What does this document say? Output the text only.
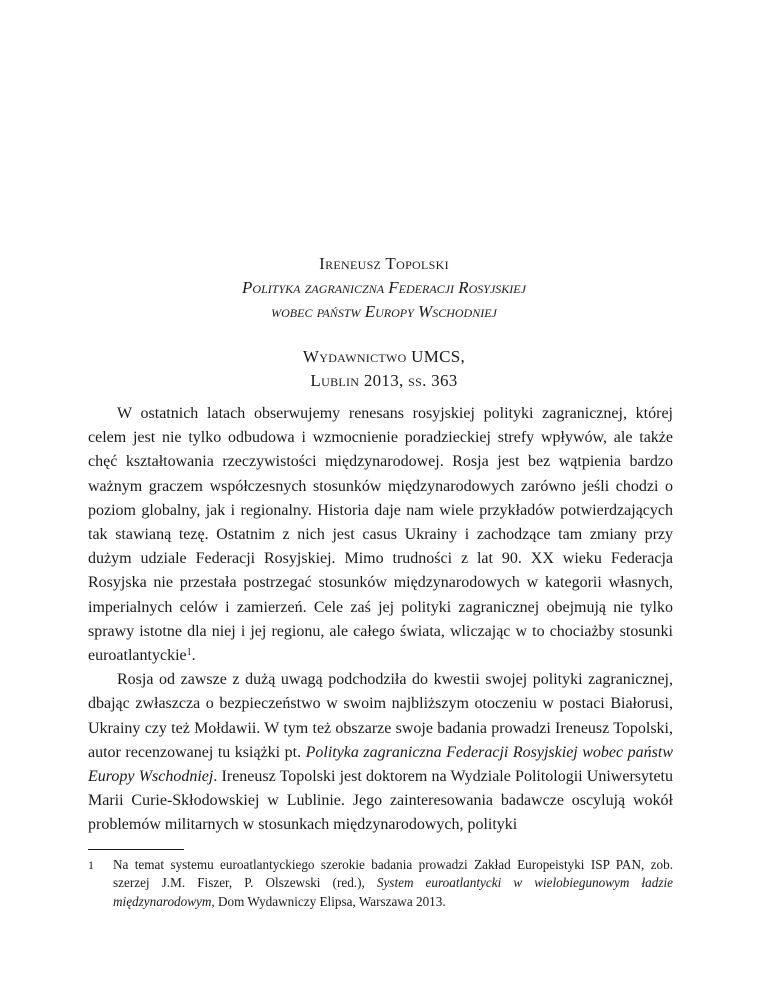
Ireneusz Topolski
Polityka zagraniczna Federacji Rosyjskiej
wobec państw Europy Wschodniej
Wydawnictwo UMCS,
Lublin 2013, ss. 363

W ostatnich latach obserwujemy renesans rosyjskiej polityki zagranicznej, której celem jest nie tylko odbudowa i wzmocnienie poradzieckiej strefy wpływów, ale także chęć kształtowania rzeczywistości międzynarodowej. Rosja jest bez wątpienia bardzo ważnym graczem współczesnych stosunków międzynarodowych zarówno jeśli chodzi o poziom globalny, jak i regionalny. Historia daje nam wiele przykładów potwierdzających tak stawianą tezę. Ostatnim z nich jest casus Ukrainy i zachodzące tam zmiany przy dużym udziale Federacji Rosyjskiej. Mimo trudności z lat 90. XX wieku Federacja Rosyjska nie przestała postrzegać stosunków międzynarodowych w kategorii własnych, imperialnych celów i zamierzeń. Cele zaś jej polityki zagranicznej obejmują nie tylko sprawy istotne dla niej i jej regionu, ale całego świata, wliczając w to chociażby stosunki euroatlantyckie$^1$.

Rosja od zawsze z dużą uwagą podchodziła do kwestii swojej polityki zagranicznej, dbając zwłaszcza o bezpieczeństwo w swoim najbliższym otoczeniu w postaci Białorusi, Ukrainy czy też Mołdawii. W tym też obszarze swoje badania prowadzi Ireneusz Topolski, autor recenzowanej tu książki pt. Polityka zagraniczna Federacji Rosyjskiej wobec państw Europy Wschodniej. Ireneusz Topolski jest doktorem na Wydziale Politologii Uniwersytetu Marii Curie-Skłodowskiej w Lublinie. Jego zainteresowania badawcze oscylują wokół problemów militarnych w stosunkach międzynarodowych, polityki

1 Na temat systemu euroatlantyckiego szerokie badania prowadzi Zakład Europeistyki ISP PAN, zob. szerzej J.M. Fiszer, P. Olszewski (red.), System euroatlantycki w wielobiegunowym ładzie międzynarodowym, Dom Wydawniczy Elipsa, Warszawa 2013.
